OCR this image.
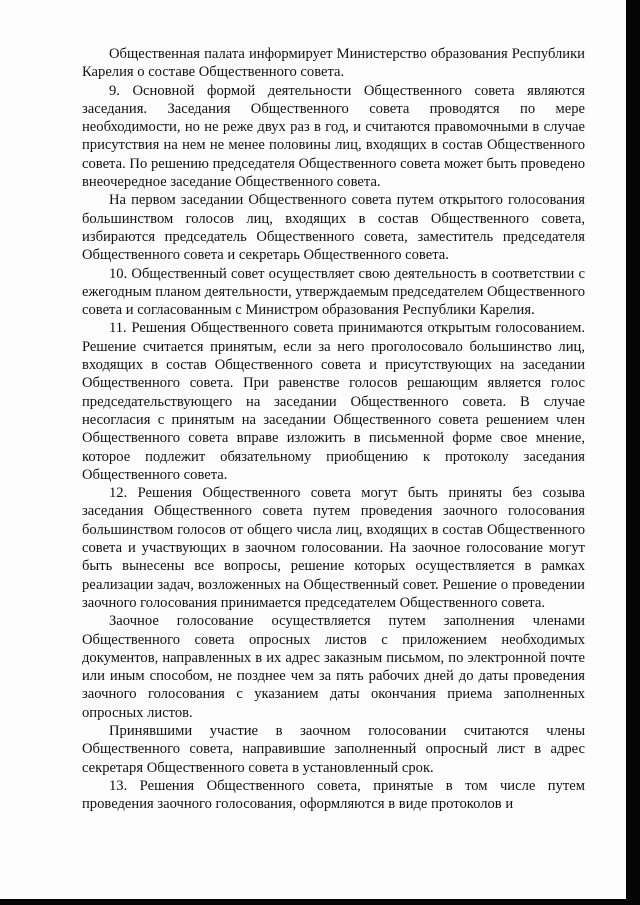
Общественная палата информирует Министерство образования Республики Карелия о составе Общественного совета.

9. Основной формой деятельности Общественного совета являются заседания. Заседания Общественного совета проводятся по мере необходимости, но не реже двух раз в год, и считаются правомочными в случае присутствия на нем не менее половины лиц, входящих в состав Общественного совета. По решению председателя Общественного совета может быть проведено внеочередное заседание Общественного совета.

На первом заседании Общественного совета путем открытого голосования большинством голосов лиц, входящих в состав Общественного совета, избираются председатель Общественного совета, заместитель председателя Общественного совета и секретарь Общественного совета.

10. Общественный совет осуществляет свою деятельность в соответствии с ежегодным планом деятельности, утверждаемым председателем Общественного совета и согласованным с Министром образования Республики Карелия.

11. Решения Общественного совета принимаются открытым голосованием. Решение считается принятым, если за него проголосовало большинство лиц, входящих в состав Общественного совета и присутствующих на заседании Общественного совета. При равенстве голосов решающим является голос председательствующего на заседании Общественного совета. В случае несогласия с принятым на заседании Общественного совета решением член Общественного совета вправе изложить в письменной форме свое мнение, которое подлежит обязательному приобщению к протоколу заседания Общественного совета.

12. Решения Общественного совета могут быть приняты без созыва заседания Общественного совета путем проведения заочного голосования большинством голосов от общего числа лиц, входящих в состав Общественного совета и участвующих в заочном голосовании. На заочное голосование могут быть вынесены все вопросы, решение которых осуществляется в рамках реализации задач, возложенных на Общественный совет. Решение о проведении заочного голосования принимается председателем Общественного совета.

Заочное голосование осуществляется путем заполнения членами Общественного совета опросных листов с приложением необходимых документов, направленных в их адрес заказным письмом, по электронной почте или иным способом, не позднее чем за пять рабочих дней до даты проведения заочного голосования с указанием даты окончания приема заполненных опросных листов.

Принявшими участие в заочном голосовании считаются члены Общественного совета, направившие заполненный опросный лист в адрес секретаря Общественного совета в установленный срок.

13. Решения Общественного совета, принятые в том числе путем проведения заочного голосования, оформляются в виде протоколов и
